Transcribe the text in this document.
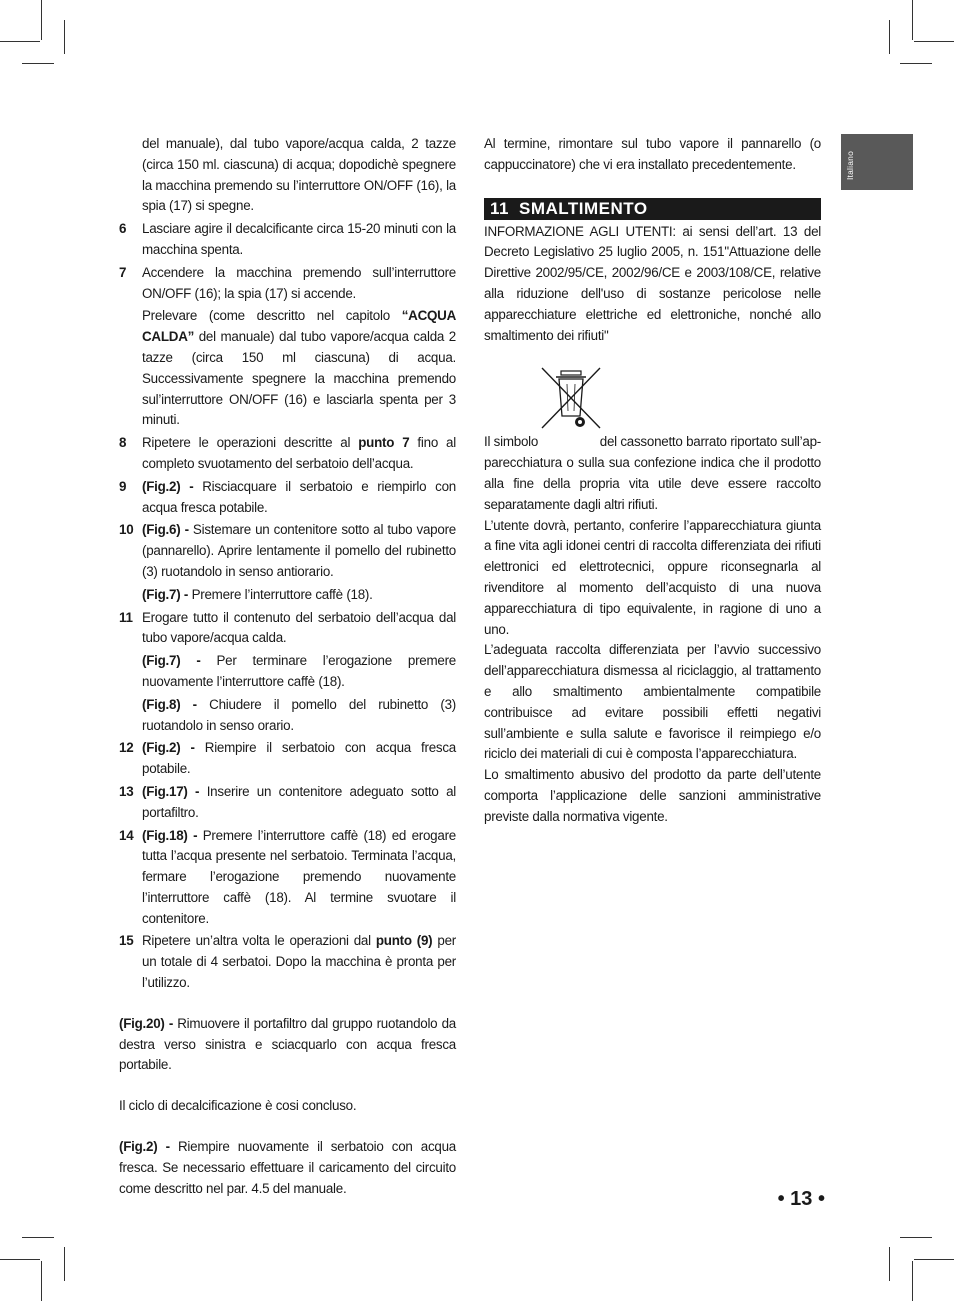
Italiano
del manuale), dal tubo vapore/acqua calda, 2 tazze (circa 150 ml. ciascuna) di acqua; dopodichè spegnere la macchina premendo su l’interruttore ON/OFF (16), la spia (17) si spegne.
6 Lasciare agire il decalcificante circa 15-20 minuti con la macchina spenta.
7 Accendere la macchina premendo sull’interruttore ON/OFF (16); la spia (17) si accende.
Prelevare (come descritto nel capitolo “ACQUA CALDA” del manuale) dal tubo vapore/acqua calda 2 tazze (circa 150 ml ciascuna) di acqua. Successivamente spegnere la macchina premendo sul’interruttore ON/OFF (16) e lasciarla spenta per 3 minuti.
8 Ripetere le operazioni descritte al punto 7 fino al completo svuotamento del serbatoio dell’acqua.
9 (Fig.2) - Risciacquare il serbatoio e riempirlo con acqua fresca potabile.
10 (Fig.6) - Sistemare un contenitore sotto al tubo vapore (pannarello). Aprire lentamente il pomello del rubinetto (3) ruotandolo in senso antiorario.
(Fig.7) - Premere l’interruttore caffè (18).
11 Erogare tutto il contenuto del serbatoio dell’acqua dal tubo vapore/acqua calda.
(Fig.7) - Per terminare l’erogazione premere nuovamente l’interruttore caffè (18).
(Fig.8) - Chiudere il pomello del rubinetto (3) ruotandolo in senso orario.
12 (Fig.2) - Riempire il serbatoio con acqua fresca potabile.
13 (Fig.17) - Inserire un contenitore adeguato sotto al portafiltro.
14 (Fig.18) - Premere l’interruttore caffè (18) ed erogare tutta l’acqua presente nel serbatoio. Terminata l’acqua, fermare l’erogazione premendo nuovamente l’interruttore caffè (18). Al termine svuotare il contenitore.
15 Ripetere un’altra volta le operazioni dal punto (9) per un totale di 4 serbatoi. Dopo la macchina è pronta per l’utilizzo.
(Fig.20) - Rimuovere il portafiltro dal gruppo ruotandolo da destra verso sinistra e sciacquarlo con acqua fresca portabile.
Il ciclo di decalcificazione è cosi concluso.
(Fig.2) - Riempire nuovamente il serbatoio con acqua fresca. Se necessario effettuare il caricamento del circuito come descritto nel par. 4.5 del manuale.
Al termine, rimontare sul tubo vapore il pannarello (o cappuccinatore) che vi era installato precedentemente.
11 SMALTIMENTO
INFORMAZIONE AGLI UTENTI: ai sensi dell’art. 13 del Decreto Legislativo 25 luglio 2005, n. 151"Attuazione delle Direttive 2002/95/CE, 2002/96/CE e 2003/108/CE, relative alla riduzione dell'uso di sostanze pericolose nelle apparecchiature elettriche ed elettroniche, nonché allo smaltimento dei rifiuti"
Il simbolo	del cassonetto barrato riportato sull’ap-
parecchiatura o sulla sua confezione indica che il prodotto alla fine della propria vita utile deve essere raccolto separatamente dagli altri rifiuti.
L’utente dovrà, pertanto, conferire l’apparecchiatura giunta a fine vita agli idonei centri di raccolta differenziata dei rifiuti elettronici ed elettrotecnici, oppure riconsegnarla al rivenditore al momento dell’acquisto di una nuova apparecchiatura di tipo equivalente, in ragione di uno a uno.
L’adeguata raccolta differenziata per l’avvio successivo dell’apparecchiatura dismessa al riciclaggio, al trattamento e allo smaltimento ambientalmente compatibile contribuisce ad evitare possibili effetti negativi sull’ambiente e sulla salute e favorisce il reimpiego e/o riciclo dei materiali di cui è composta l’apparecchiatura.
Lo smaltimento abusivo del prodotto da parte dell’utente comporta l’applicazione delle sanzioni amministrative previste dalla normativa vigente.
• 13 •
